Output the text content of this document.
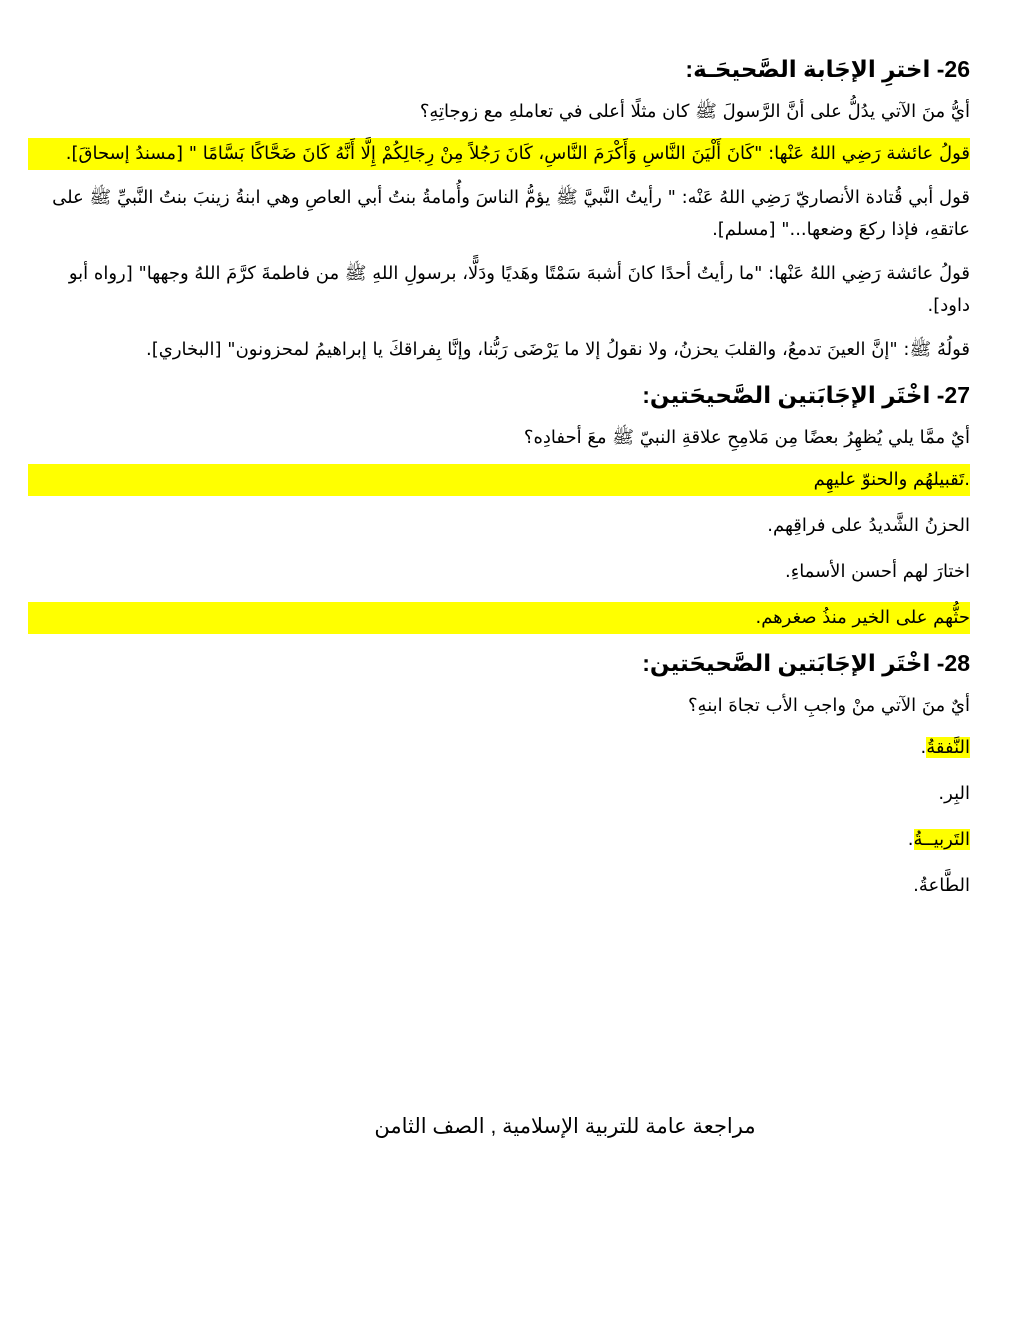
26- اخترِ الإجَابة الصَّحيحَـة:
أيُّ منَ الآتي يدُلُّ على أنَّ الرَّسولَ ﷺ كان مثلًا أعلى في تعاملهِ مع زوجاتِهِ؟
قولُ عائشة رَضِي اللهُ عَنْها: "كَانَ أَلْيَنَ النَّاسِ وَأَكْرَمَ النَّاسِ، كَانَ رَجُلاً مِنْ رِجَالِكُمْ إِلَّا أَنَّهُ كَانَ ضَحَّاكًا بَسَّامًا " [مسندُ إسحاقَ].
قول أبي قُتادة الأنصاريّ رَضِي اللهُ عَنْه: " رأيتُ النَّبيَّ ﷺ يؤمُّ الناسَ وأُمامةُ بنتُ أبي العاصِ وهي ابنةُ زينبَ بنتُ النَّبيِّ ﷺ على عاتقهِ، فإذا ركعَ وضعها..." [مسلم].
قولُ عائشة رَضِي اللهُ عَنْها: "ما رأيتُ أحدًا كانَ أشبهَ سَمْتًا وهَديًا ودَلًّا، برسولِ اللهِ ﷺ من فاطمةَ كرَّمَ اللهُ وجهها" [رواه أبو داود].
قولُهُ ﷺ: "إنَّ العينَ تدمعُ، والقلبَ يحزنُ، ولا نقولُ إلا ما يَرْضَى رَبُّنا، وإنَّا بِفراقكَ يا إبراهيمُ لمحزونون" [البخاري].
27- اخْتَر الإجَابَتين الصَّحيحَتين:
أيٌ ممَّا يلي يُظهِرُ بعضًا مِن مَلامِحِ علاقةِ النبيّ ﷺ معَ أحفادِه؟
.تَقبيلهُم والحنوّ عليهِم
الحزنُ الشَّديدُ على فراقِهم.
اختارَ لهم أحسن الأسماءِ.
حثُّهم على الخير منذُ صغرهم.
28- اخْتَر الإجَابَتين الصَّحيحَتين:
أيٌ منَ الآتي منْ واجبِ الأب تجاهَ ابنهِ؟
النَّفقةُ.
البِر.
التَربيــةُ.
الطَّاعةُ.
مراجعة عامة للتربية الإسلامية , الصف الثامن
